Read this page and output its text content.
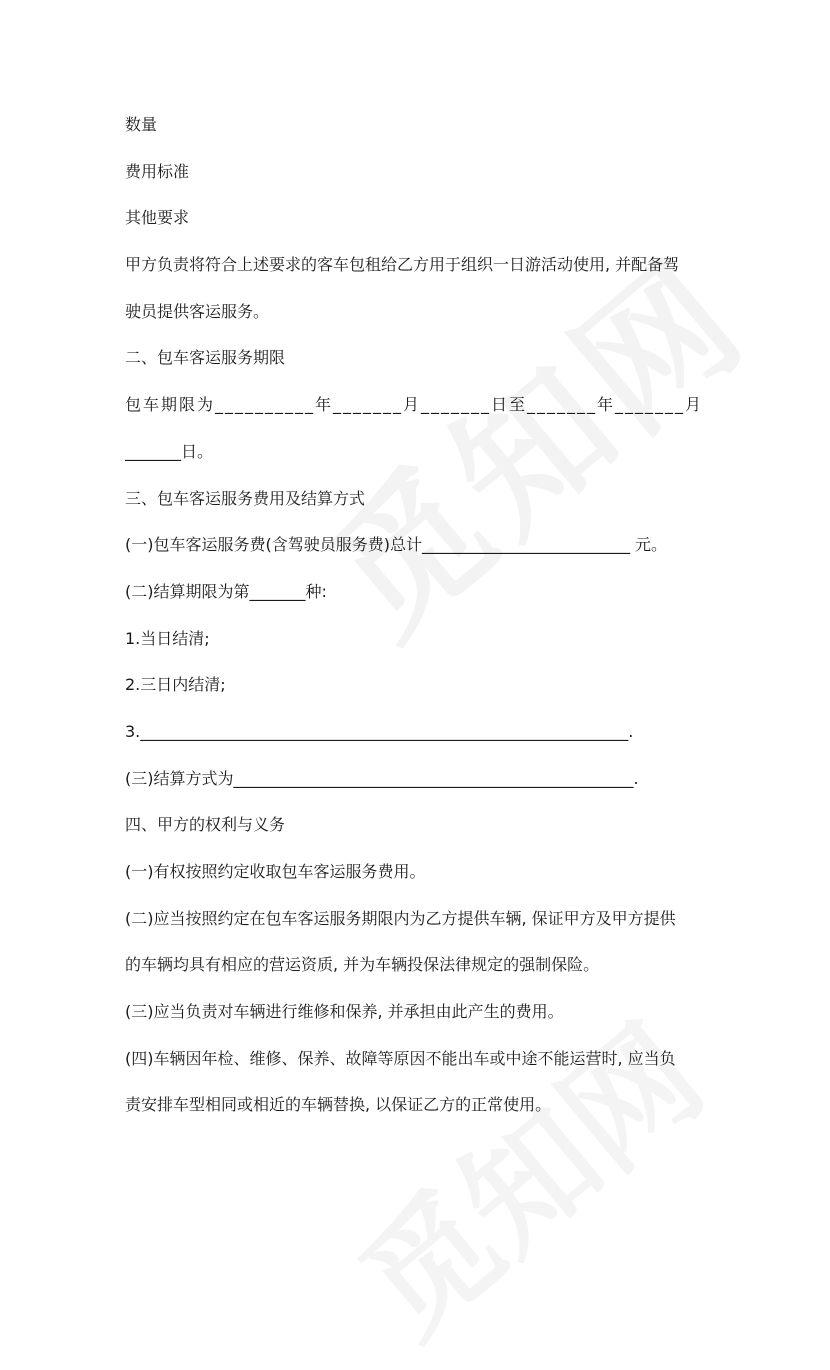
数量
费用标准
其他要求
甲方负责将符合上述要求的客车包租给乙方用于组织一日游活动使用, 并配备驾
驶员提供客运服务。
二、包车客运服务期限
包车期限为__________年_______月_______日至_______年_______月
_______日。
三、包车客运服务费用及结算方式
(一)包车客运服务费(含驾驶员服务费)总计__________________________ 元。
(二)结算期限为第_______种:
1.当日结清;
2.三日内结清;
3._____________________________________________________________.
(三)结算方式为__________________________________________________.
四、甲方的权利与义务
(一)有权按照约定收取包车客运服务费用。
(二)应当按照约定在包车客运服务期限内为乙方提供车辆, 保证甲方及甲方提供
的车辆均具有相应的营运资质, 并为车辆投保法律规定的强制保险。
(三)应当负责对车辆进行维修和保养, 并承担由此产生的费用。
(四)车辆因年检、维修、保养、故障等原因不能出车或中途不能运营时, 应当负
责安排车型相同或相近的车辆替换, 以保证乙方的正常使用。
